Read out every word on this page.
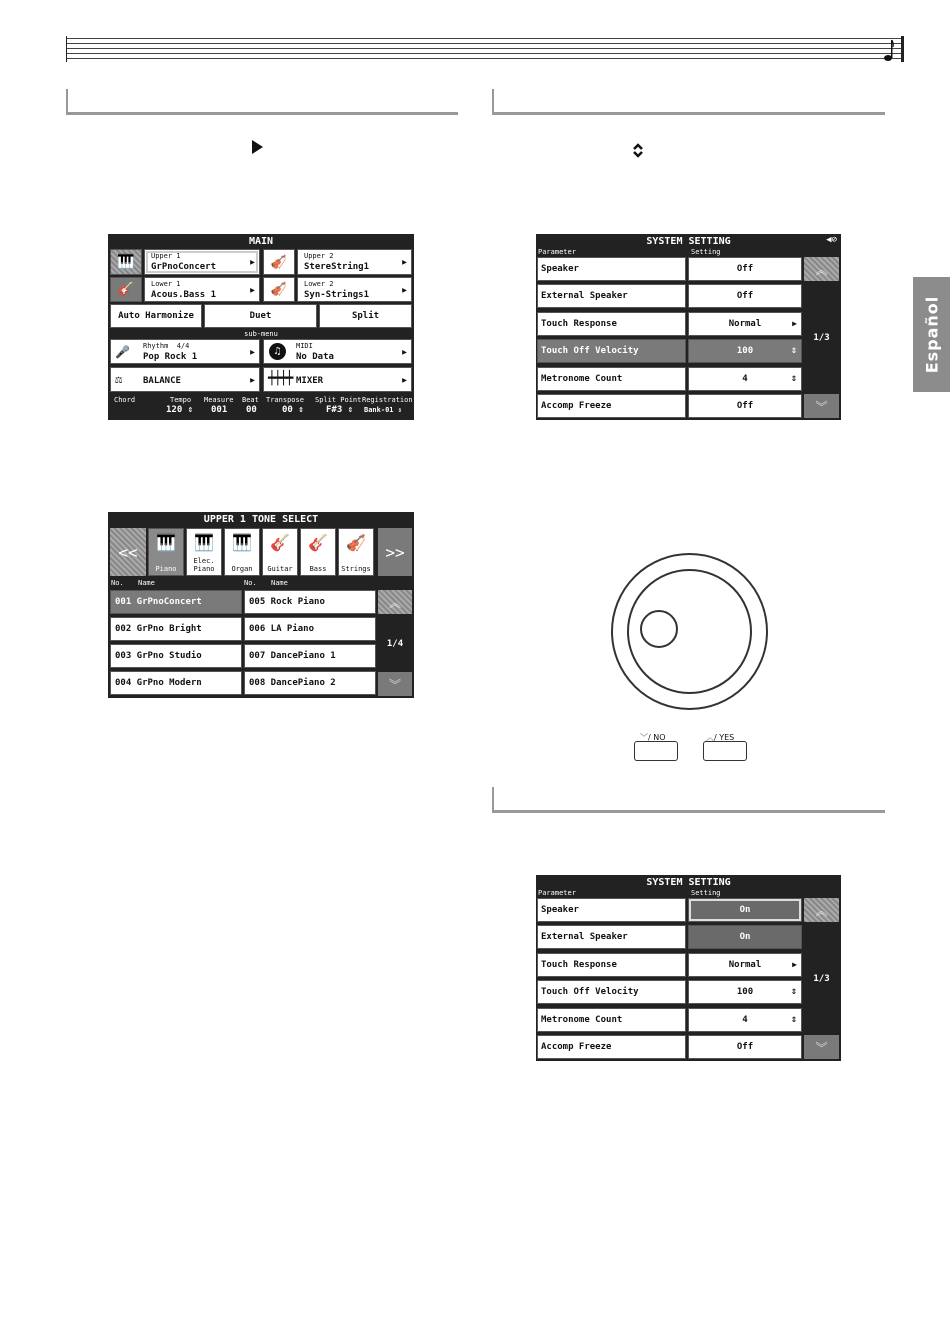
Español
MAIN
🎹	Upper 1
GrPnoConcert	▶	🎻	Upper 2
StereString1	▶
🎸	Lower 1
Acous.Bass 1
▶	🎻	Lower 2
Syn-Strings1
▶
Auto Harmonize	Duet	Split
sub-menu
🎤 Rhythm  4/4
Pop Rock 1
▶	♫	MIDI
No Data
▶
⚖ BALANCE	▶ ┿┿┿┿ MIXER	▶
Chord	Tempo
120 ⇕
Measure
001
Beat
00
Transpose
00 ⇕
Split Point
F#3 ⇕
Registration
Bank-01 ⇕
UPPER 1 TONE SELECT
<<	>>
🎹
Piano
🎹
Elec. Piano
🎹
Organ
🎸
Guitar
🎸
Bass
🎻
Strings
No. Name	No. Name
001 GrPnoConcert	005 Rock Piano
002 GrPno Bright	006 LA Piano
003 GrPno Studio	007 DancePiano 1
004 GrPno Modern	008 DancePiano 2
︽
1/4
︾
SYSTEM SETTING	◀⊘
Parameter	Setting
Speaker	Off
External Speaker	Off
Touch Response	Normal	▶
Touch Off Velocity	100	⇕
Metronome Count	4	⇕
Accomp Freeze	Off
︽
1/3
︾
﹀/ NO	︿/ YES
SYSTEM SETTING
Parameter	Setting
Speaker	On
External Speaker	On
Touch Response	Normal	▶
Touch Off Velocity	100	⇕
Metronome Count	4	⇕
Accomp Freeze	Off
︽
1/3
︾
